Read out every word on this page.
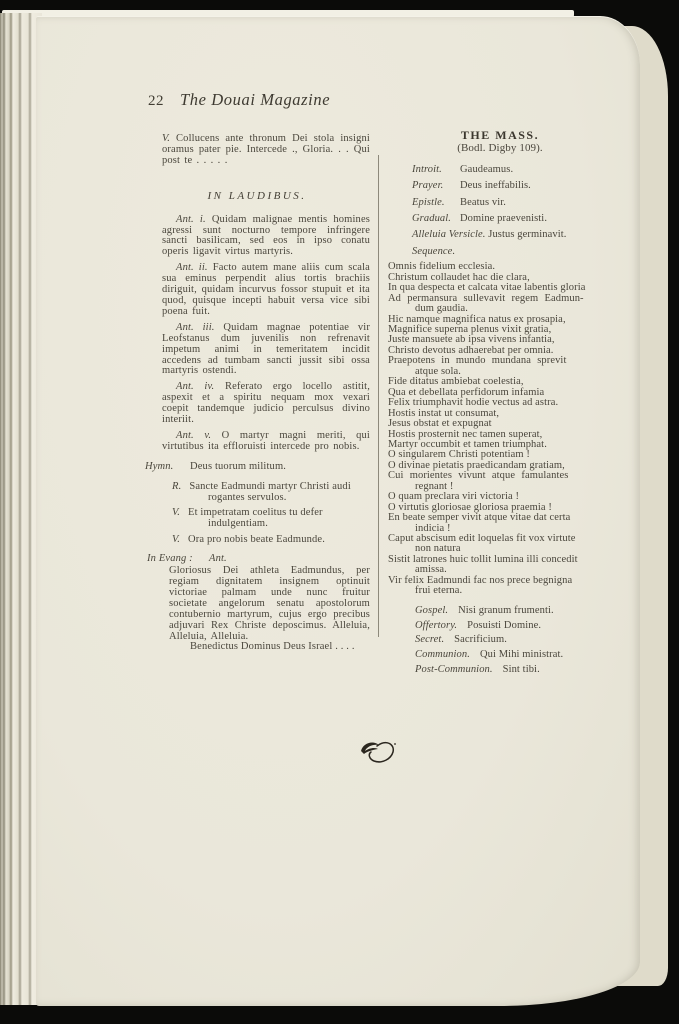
22 The Douai Magazine

V. Collucens ante thronum Dei stola insigni oramus pater pie. Intercede ., Gloria. . . Qui post te . . . . .

IN LAUDIBUS.

Ant. i. Quidam malignae mentis homines agressi sunt nocturno tempore infringere sancti basilicam, sed eos in ipso conatu operis ligavit virtus martyris.

Ant. ii. Facto autem mane aliis cum scala sua eminus perpendit alius tortis brachiis diriguit, quidam incurvus fossor stupuit et ita quod, quisque incepti habuit versa vice sibi poena fuit.

Ant. iii. Quidam magnae potentiae vir Leofstanus dum juvenilis non refrenavit impetum animi in temeritatem incidit accedens ad tumbam sancti jussit sibi ossa martyris ostendi.

Ant. iv. Referato ergo locello astitit, aspexit et a spiritu nequam mox vexari coepit tandemque judicio perculsus divino interiit.

Ant. v. O martyr magni meriti, qui virtutibus ita effloruisti intercede pro nobis.

Hymn. Deus tuorum militum.

R. Sancte Eadmundi martyr Christi audi rogantes servulos.

V. Et impetratam coelitus tu defer indulgentiam.

V. Ora pro nobis beate Eadmunde.

In Evang : Ant.

Gloriosus Dei athleta Eadmundus, per regiam dignitatem insignem optinuit victoriae palmam unde nunc fruitur societate angelorum senatu apostolorum contubernio martyrum, cujus ergo precibus adjuvari Rex Christe deposcimus. Alleluia, Alleluia, Alleluia.

Benedictus Dominus Deus Israel . . . .
THE MASS.
(Bodl. Digby 109).
Introit. Gaudeamus.
Prayer. Deus ineffabilis.
Epistle. Beatus vir.
Gradual. Domine praevenisti.
Alleluia Versicle. Justus germinavit.
Sequence.
Omnis fidelium ecclesia.
Christum collaudet hac die clara,
In qua despecta et calcata vitae labentis gloria
Ad permansura sullevavit regem Eadmun-
dum gaudia.
Hic namque magnifica natus ex prosapia,
Magnifice superna plenus vixit gratia,
Juste mansuete ab ipsa vivens infantia,
Christo devotus adhaerebat per omnia.
Praepotens in mundo mundana sprevit
atque sola.
Fide ditatus ambiebat coelestia,
Qua et debellata perfidorum infamia
Felix triumphavit hodie vectus ad astra.
Hostis instat ut consumat,
Jesus obstat et expugnat
Hostis prosternit nec tamen superat,
Martyr occumbit et tamen triumphat.
O singularem Christi potentiam !
O divinae pietatis praedicandam gratiam,
Cui morientes vivunt atque famulantes
regnant !
O quam preclara viri victoria !
O virtutis gloriosae gloriosa praemia !
En beate semper vivit atque vitae dat certa
indicia !
Caput abscisum edit loquelas fit vox virtute
non natura
Sistit latrones huic tollit lumina illi concedit
amissa.
Vir felix Eadmundi fac nos prece begnigna
frui eterna.
Gospel. Nisi granum frumenti.
Offertory. Posuisti Domine.
Secret. Sacrificium.
Communion. Qui Mihi ministrat.
Post-Communion. Sint tibi.
